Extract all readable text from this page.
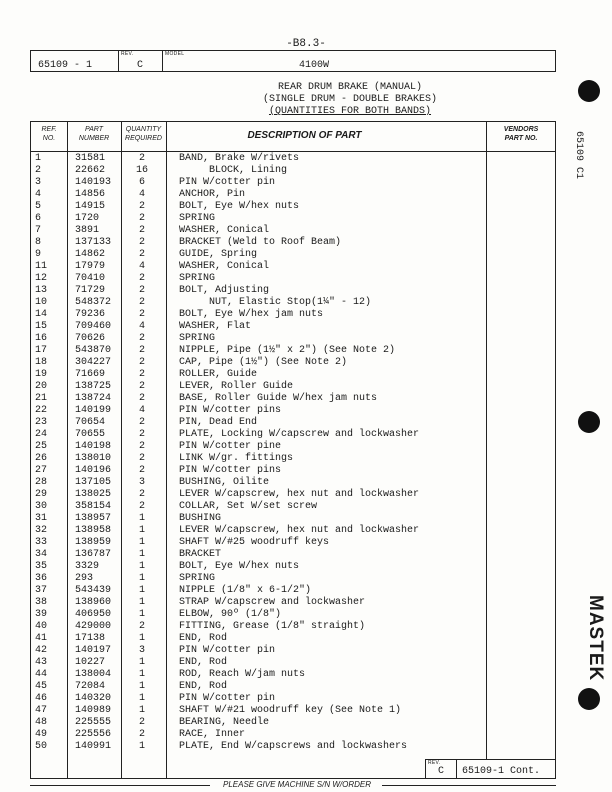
-B8.3-
65109 - 1
REV.
C
MODEL
4100W
REAR DRUM BRAKE (MANUAL)
(SINGLE DRUM - DOUBLE BRAKES)
(QUANTITIES FOR BOTH BANDS)
REF.
NO.
PART
NUMBER
QUANTITY
REQUIRED	DESCRIPTION OF PART
VENDORS
PART NO.
1	31581	2	BAND, Brake W/rivets
2	22662	16	BLOCK, Lining
3	140193	6	PIN W/cotter pin
4	14856	4	ANCHOR, Pin
5	14915	2	BOLT, Eye W/hex nuts
6	1720	2	SPRING
7	3891	2	WASHER, Conical
8	137133	2	BRACKET (Weld to Roof Beam)
9	14862	2	GUIDE, Spring
11	17979	4	WASHER, Conical
12	70410	2	SPRING
13	71729	2	BOLT, Adjusting
10	548372	2	NUT, Elastic Stop(1¼" - 12)
14	79236	2	BOLT, Eye W/hex jam nuts
15	709460	4	WASHER, Flat
16	70626	2	SPRING
17	543870	2	NIPPLE, Pipe (1½" x 2") (See Note 2)
18	304227	2	CAP, Pipe (1½") (See Note 2)
19	71669	2	ROLLER, Guide
20	138725	2	LEVER, Roller Guide
21	138724	2	BASE, Roller Guide W/hex jam nuts
22	140199	4	PIN W/cotter pins
23	70654	2	PIN, Dead End
24	70655	2	PLATE, Locking W/capscrew and lockwasher
25	140198	2	PIN W/cotter pine
26	138010	2	LINK W/gr. fittings
27	140196	2	PIN W/cotter pins
28	137105	3	BUSHING, Oilite
29	138025	2	LEVER W/capscrew, hex nut and lockwasher
30	358154	2	COLLAR, Set W/set screw
31	138957	1	BUSHING
32	138958	1	LEVER W/capscrew, hex nut and lockwasher
33	138959	1	SHAFT W/#25 woodruff keys
34	136787	1	BRACKET
35	3329	1	BOLT, Eye W/hex nuts
36	293	1	SPRING
37	543439	1	NIPPLE (1/8" x 6-1/2")
38	138960	1	STRAP W/capscrew and lockwasher
39	406950	1	ELBOW, 90º (1/8")
40	429000	2	FITTING, Grease (1/8" straight)
41	17138	1	END, Rod
42	140197	3	PIN W/cotter pin
43	10227	1	END, Rod
44	138004	1	ROD, Reach W/jam nuts
45	72084	1	END, Rod
46	140320	1	PIN W/cotter pin
47	140989	1	SHAFT W/#21 woodruff key (See Note 1)
48	225555	2	BEARING, Needle
49	225556	2	RACE, Inner
50	140991	1	PLATE, End W/capscrews and lockwashers
REV.
C	65109-1 Cont.
PLEASE GIVE MACHINE S/N W/ORDER
65109 C1
MASTEK
